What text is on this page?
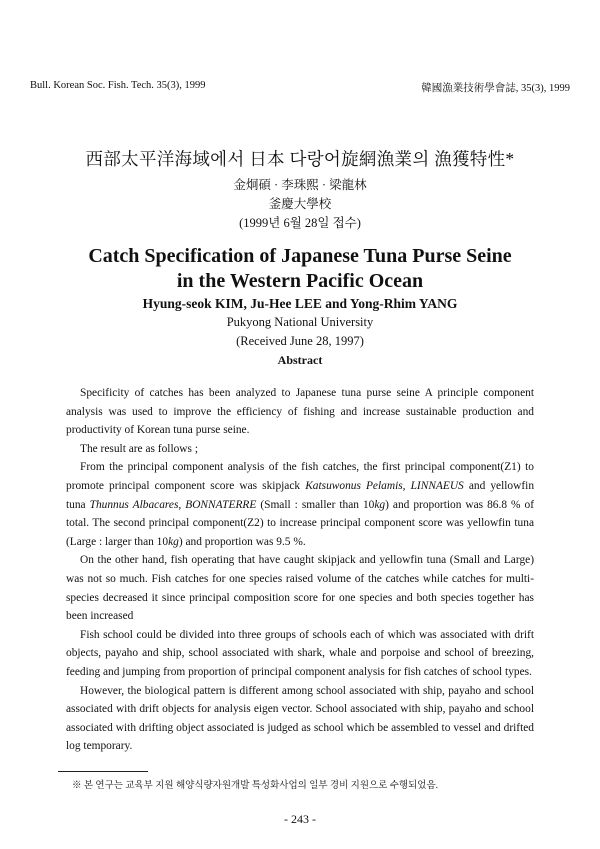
Bull. Korean Soc. Fish. Tech. 35(3), 1999	韓國漁業技術學會誌, 35(3), 1999
西部太平洋海域에서 日本 다랑어旋網漁業의 漁獲特性*
金炯碩 · 李珠熙 · 梁龍林
釜慶大學校
(1999년 6월 28일 접수)
Catch Specification of Japanese Tuna Purse Seine
in the Western Pacific Ocean
Hyung-seok KIM, Ju-Hee LEE and Yong-Rhim YANG
Pukyong National University
(Received June 28, 1997)
Abstract

Specificity of catches has been analyzed to Japanese tuna purse seine A principle component analysis was used to improve the efficiency of fishing and increase sustainable production and productivity of Korean tuna purse seine.

The result are as follows ;

From the principal component analysis of the fish catches, the first principal component(Z1) to promote principal component score was skipjack Katsuwonus Pelamis, LINNAEUS and yellowfin tuna Thunnus Albacares, BONNATERRE (Small : smaller than 10kg) and proportion was 86.8 % of total. The second principal component(Z2) to increase principal component score was yellowfin tuna (Large : larger than 10kg) and proportion was 9.5 %.

On the other hand, fish operating that have caught skipjack and yellowfin tuna (Small and Large) was not so much. Fish catches for one species raised volume of the catches while catches for multi-species decreased it since principal composition score for one species and both species together has been increased

Fish school could be divided into three groups of schools each of which was associated with drift objects, payaho and ship, school associated with shark, whale and porpoise and school of breezing, feeding and jumping from proportion of principal component analysis for fish catches of school types.

However, the biological pattern is different among school associated with ship, payaho and school associated with drift objects for analysis eigen vector. School associated with ship, payaho and school associated with drifting object associated is judged as school which be assembled to vessel and drifted log temporary.

※ 본 연구는 교육부 지원 해양식량자원개발 특성화사업의 일부 경비 지원으로 수행되었음.
- 243 -
